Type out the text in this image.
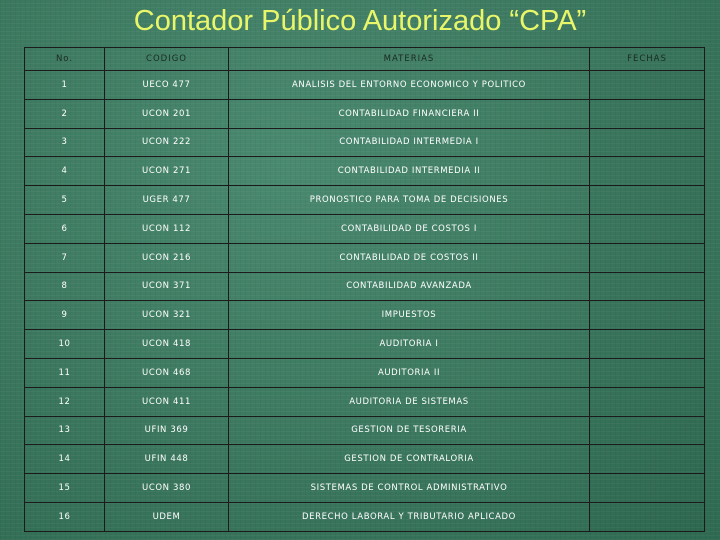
Contador Público Autorizado “CPA”
No.	CODIGO	MATERIAS	FECHAS
1	UECO 477	ANALISIS DEL ENTORNO ECONOMICO Y POLITICO	
2	UCON 201	CONTABILIDAD FINANCIERA II	
3	UCON 222	CONTABILIDAD INTERMEDIA I	
4	UCON 271	CONTABILIDAD INTERMEDIA II	
5	UGER 477	PRONOSTICO PARA TOMA DE DECISIONES	
6	UCON 112	CONTABILIDAD DE COSTOS I	
7	UCON 216	CONTABILIDAD DE COSTOS II	
8	UCON 371	CONTABILIDAD AVANZADA	
9	UCON 321	IMPUESTOS	
10	UCON 418	AUDITORIA I	
11	UCON 468	AUDITORIA II	
12	UCON 411	AUDITORIA DE SISTEMAS	
13	UFIN 369	GESTION DE TESORERIA	
14	UFIN 448	GESTION DE CONTRALORIA	
15	UCON 380	SISTEMAS DE CONTROL ADMINISTRATIVO	
16	UDEM	DERECHO LABORAL Y TRIBUTARIO APLICADO	
